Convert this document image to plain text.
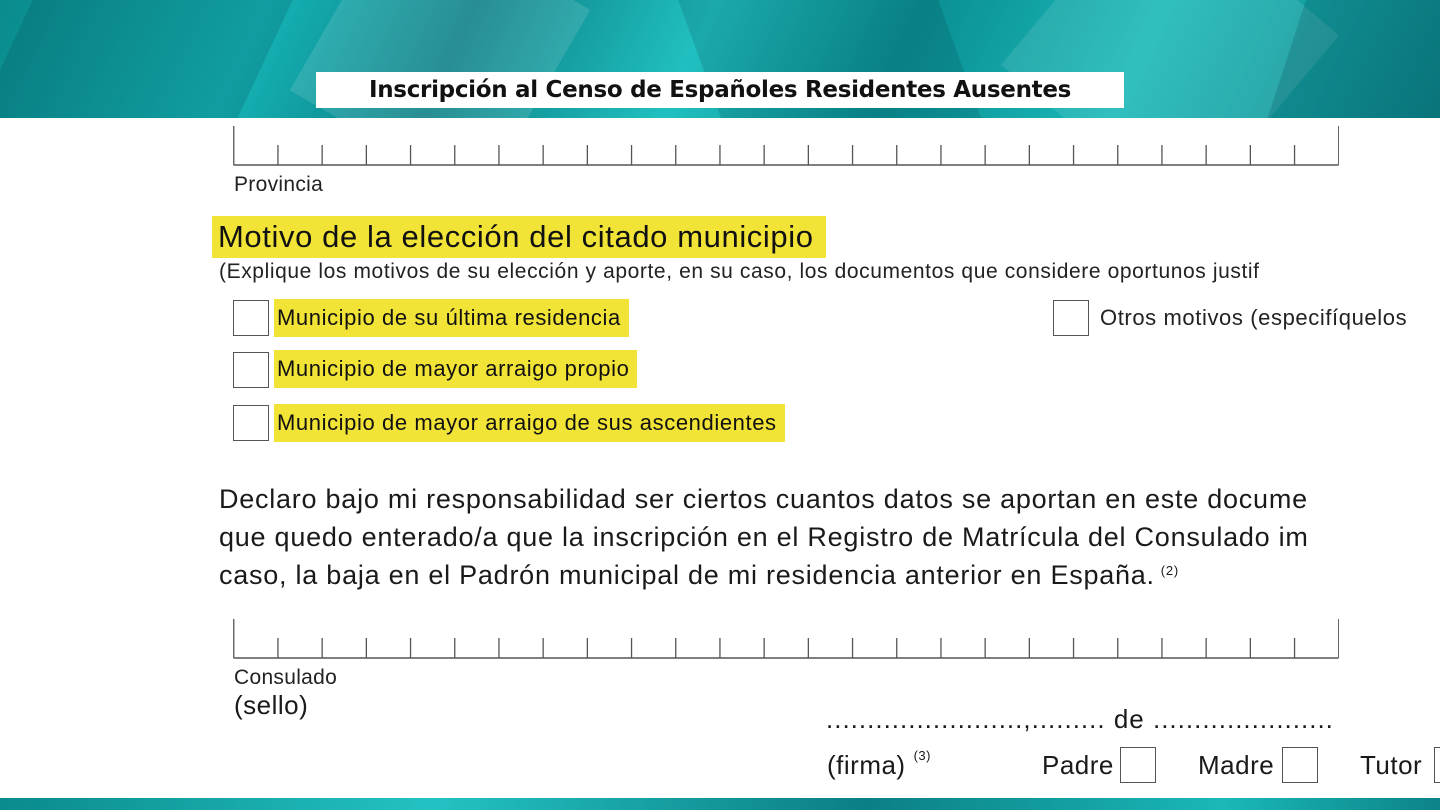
Inscripción al Censo de Españoles Residentes Ausentes
Provincia
Motivo de la elección del citado municipio
(Explique los motivos de su elección y aporte, en su caso, los documentos que considere oportunos justif
Municipio de su última residencia
Municipio de mayor arraigo propio
Municipio de mayor arraigo de sus ascendientes
Otros motivos (especifíquelos

Declaro bajo mi responsabilidad ser ciertos cuantos datos se aportan en este docume

que quedo enterado/a que la inscripción en el Registro de Matrícula del Consulado im

caso, la baja en el Padrón municipal de mi residencia anterior en España. $^{(2)}$

Consulado
(sello)	........................,......... de ......................
(firma) $^{(3)}$	Padre	Madre	Tutor
